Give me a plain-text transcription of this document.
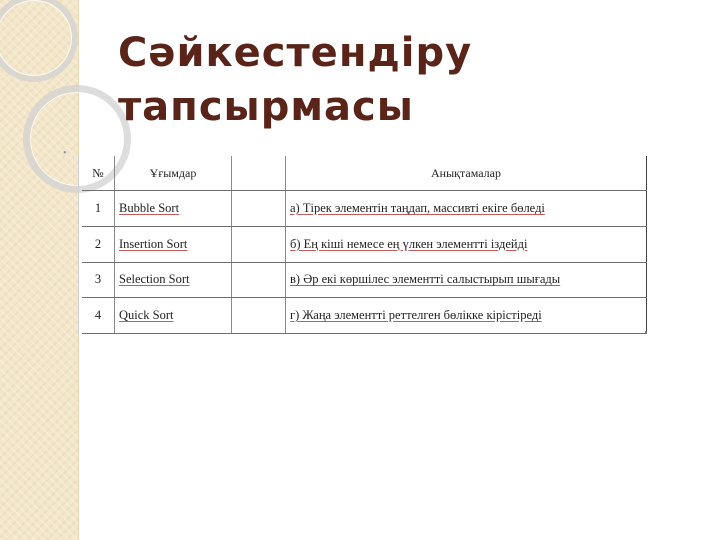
Сәйкестендіру тапсырмасы
•
№	Ұғымдар		Анықтамалар
1	Bubble Sort		а) Тірек элементін таңдап, массивті екіге бөледі
2	Insertion Sort		б) Ең кіші немесе ең үлкен элементті іздейді
3	Selection Sort		в) Әр екі көршілес элементті салыстырып шығады
4	Quick Sort		г) Жаңа элементті реттелген бөлікке кірістіреді
